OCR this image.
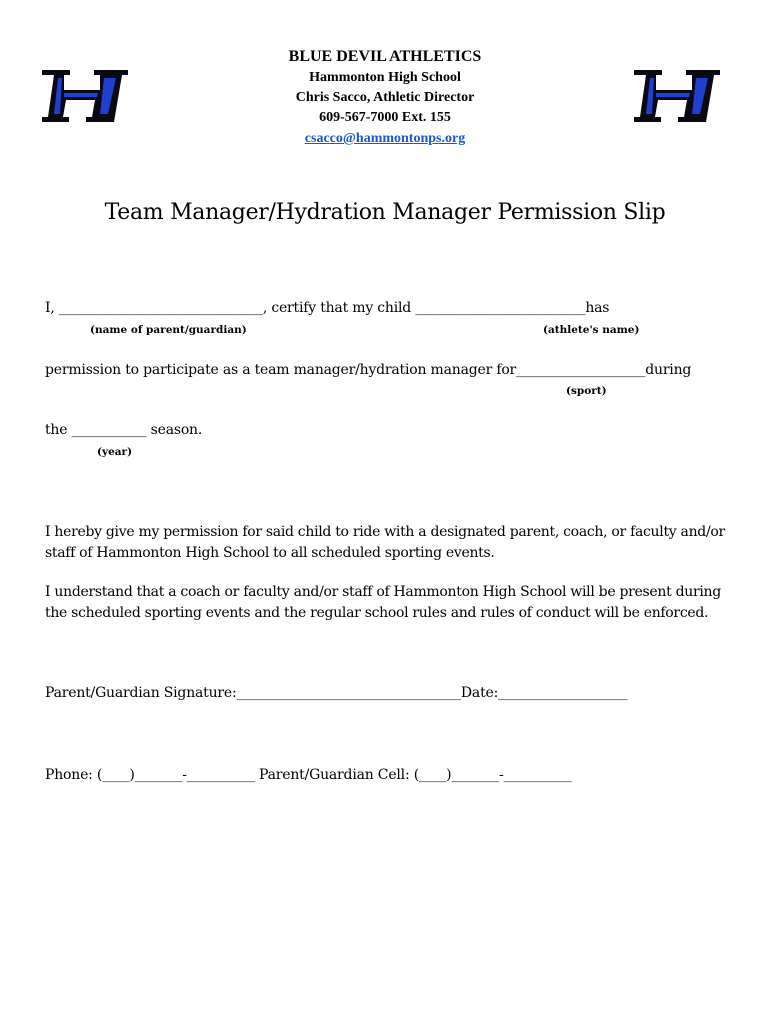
BLUE DEVIL ATHLETICS
Hammonton High School
Chris Sacco, Athletic Director
609-567-7000 Ext. 155
csacco@hammontonps.org
Team Manager/Hydration Manager Permission Slip
I, ______________________________, certify that my child _________________________has
(name of parent/guardian)	(athlete's name)
permission to participate as a team manager/hydration manager for___________________during
(sport)
the ___________ season.
(year)
I hereby give my permission for said child to ride with a designated parent, coach, or faculty and/or staff of Hammonton High School to all scheduled sporting events.
I understand that a coach or faculty and/or staff of Hammonton High School will be present during the scheduled sporting events and the regular school rules and rules of conduct will be enforced.
Parent/Guardian Signature:_________________________________Date:___________________
Phone: (____)_______-__________ Parent/Guardian Cell: (____)_______-__________
